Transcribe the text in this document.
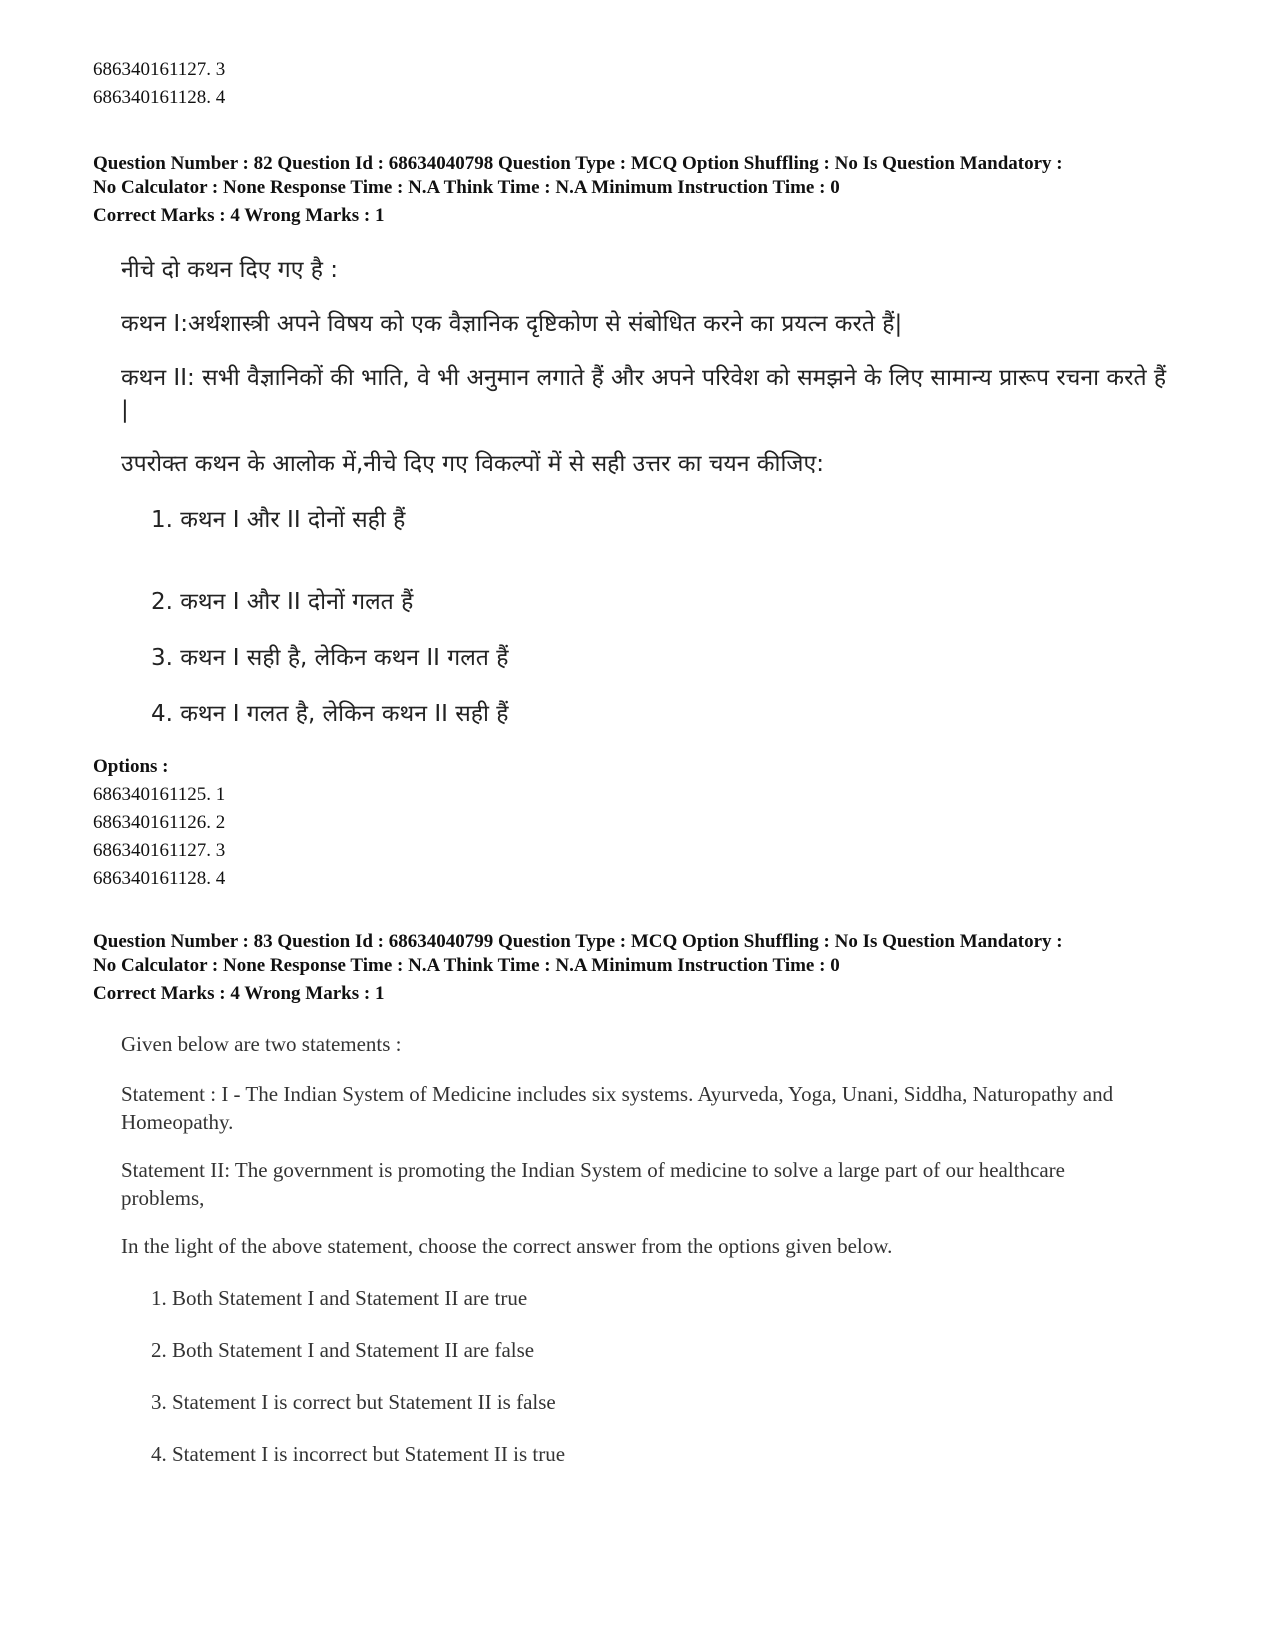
686340161127. 3
686340161128. 4
Question Number : 82 Question Id : 68634040798 Question Type : MCQ Option Shuffling : No Is Question Mandatory :
No Calculator : None Response Time : N.A Think Time : N.A Minimum Instruction Time : 0
Correct Marks : 4 Wrong Marks : 1
नीचे दो कथन दिए गए है :
कथन I:अर्थशास्त्री अपने विषय को एक वैज्ञानिक दृष्टिकोण से संबोधित करने का प्रयत्न करते हैं|
कथन II: सभी वैज्ञानिकों की भाति, वे भी अनुमान लगाते हैं और अपने परिवेश को समझने के लिए सामान्य प्रारूप रचना करते हैं |
उपरोक्त कथन के आलोक में,नीचे दिए गए विकल्पों में से सही उत्तर का चयन कीजिए:
1. कथन I और II दोनों सही हैं
2. कथन I और II दोनों गलत हैं
3. कथन I सही है, लेकिन कथन II गलत हैं
4. कथन I गलत है, लेकिन कथन II सही हैं
Options :
686340161125. 1
686340161126. 2
686340161127. 3
686340161128. 4
Question Number : 83 Question Id : 68634040799 Question Type : MCQ Option Shuffling : No Is Question Mandatory :
No Calculator : None Response Time : N.A Think Time : N.A Minimum Instruction Time : 0
Correct Marks : 4 Wrong Marks : 1
Given below are two statements :
Statement : I - The Indian System of Medicine includes six systems. Ayurveda, Yoga, Unani, Siddha, Naturopathy and Homeopathy.
Statement II: The government is promoting the Indian System of medicine to solve a large part of our healthcare problems,
In the light of the above statement, choose the correct answer from the options given below.
1. Both Statement I and Statement II are true
2. Both Statement I and Statement II are false
3. Statement I is correct but Statement II is false
4. Statement I is incorrect but Statement II is true
